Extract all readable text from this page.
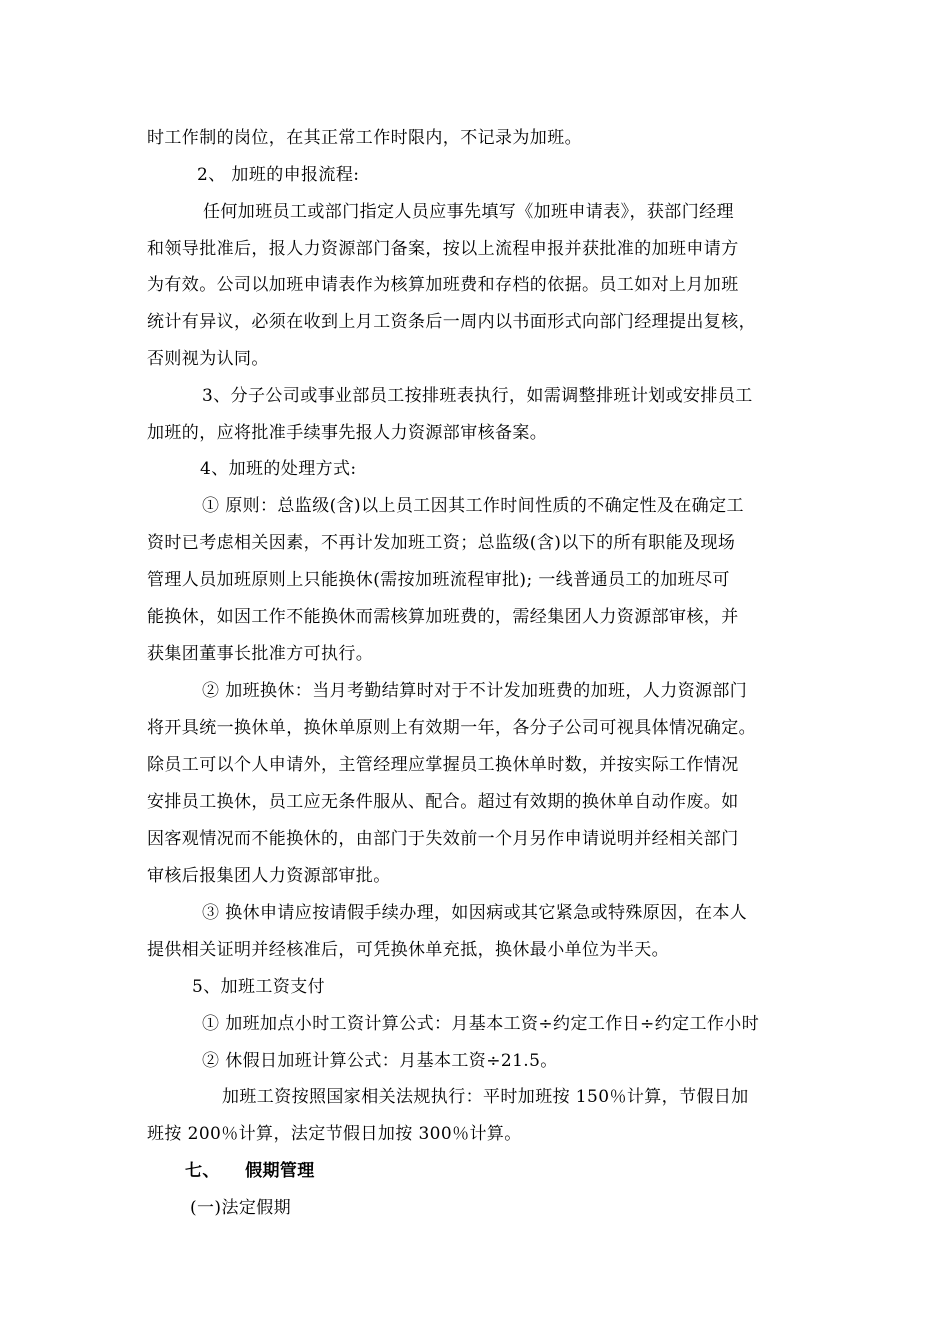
时工作制的岗位，在其正常工作时限内，不记录为加班。
2、 加班的申报流程:
任何加班员工或部门指定人员应事先填写《加班申请表》，获部门经理
和领导批准后，报人力资源部门备案，按以上流程申报并获批准的加班申请方
为有效。公司以加班申请表作为核算加班费和存档的依据。员工如对上月加班
统计有异议，必须在收到上月工资条后一周内以书面形式向部门经理提出复核，
否则视为认同。
3、分子公司或事业部员工按排班表执行，如需调整排班计划或安排员工
加班的，应将批准手续事先报人力资源部审核备案。
4、加班的处理方式:
① 原则：总监级(含)以上员工因其工作时间性质的不确定性及在确定工
资时已考虑相关因素，不再计发加班工资；总监级(含)以下的所有职能及现场
管理人员加班原则上只能换休(需按加班流程审批); 一线普通员工的加班尽可
能换休，如因工作不能换休而需核算加班费的，需经集团人力资源部审核，并
获集团董事长批准方可执行。
② 加班换休：当月考勤结算时对于不计发加班费的加班，人力资源部门
将开具统一换休单，换休单原则上有效期一年，各分子公司可视具体情况确定。
除员工可以个人申请外，主管经理应掌握员工换休单时数，并按实际工作情况
安排员工换休，员工应无条件服从、配合。超过有效期的换休单自动作废。如
因客观情况而不能换休的，由部门于失效前一个月另作申请说明并经相关部门
审核后报集团人力资源部审批。
③ 换休申请应按请假手续办理，如因病或其它紧急或特殊原因，在本人
提供相关证明并经核准后，可凭换休单充抵，换休最小单位为半天。
5、加班工资支付
① 加班加点小时工资计算公式：月基本工资÷约定工作日÷约定工作小时
② 休假日加班计算公式：月基本工资÷21.5。
加班工资按照国家相关法规执行：平时加班按 150％计算，节假日加
班按 200％计算，法定节假日加按 300％计算。
七、    假期管理
(一)法定假期
